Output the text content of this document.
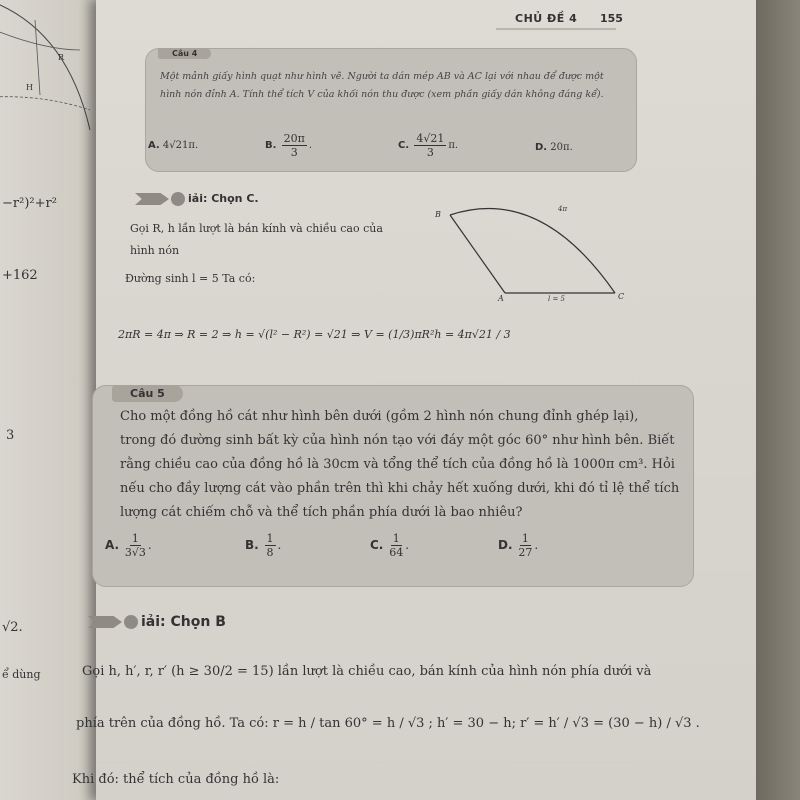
R
H
−r²)²+r²
+162
3
√2.
ể dùng
CHỦ ĐỀ 4 155
Câu 4
Một mảnh giấy hình quạt như hình vẽ. Người ta dán mép AB và AC lại với nhau để được một hình nón đỉnh A. Tính thể tích V của khối nón thu được (xem phần giấy dán không đáng kể).
A. 4√21π.	B. $\frac{20\pi}{3}$ .	C. $\frac{4√21}{3} \pi$.	D. 20π.
iải: Chọn C.
Gọi R, h lần lượt là bán kính và chiều cao của
hình nón
Đường sinh l = 5 Ta có:
B
A	C
4π
l = 5
2πR = 4π ⇒ R = 2 ⇒ h = √(l² − R²) = √21 ⇒ V = (1/3)πR²h = 4π√21 / 3
Câu 5
Cho một đồng hồ cát như hình bên dưới (gồm 2 hình nón chung đỉnh ghép lại),
trong đó đường sinh bất kỳ của hình nón tạo với đáy một góc 60° như hình bên. Biết
rằng chiều cao của đồng hồ là 30cm và tổng thể tích của đồng hồ là 1000π cm³. Hỏi
nếu cho đầy lượng cát vào phần trên thì khi chảy hết xuống dưới, khi đó tỉ lệ thể tích
lượng cát chiếm chỗ và thể tích phần phía dưới là bao nhiêu?
A. $\frac{1}{3√3}$ .	B. $\frac{1}{8}$ .	C. $\frac{1}{64}$ .	D. $\frac{1}{27}$ .
iải: Chọn B
Gọi h, h′, r, r′ (h ≥ 30/2 = 15) lần lượt là chiều cao, bán kính của hình nón phía dưới và
phía trên của đồng hồ. Ta có: r = h / tan 60° = h / √3 ; h′ = 30 − h; r′ = h′ / √3 = (30 − h) / √3 .
Khi đó: thể tích của đồng hồ là:
